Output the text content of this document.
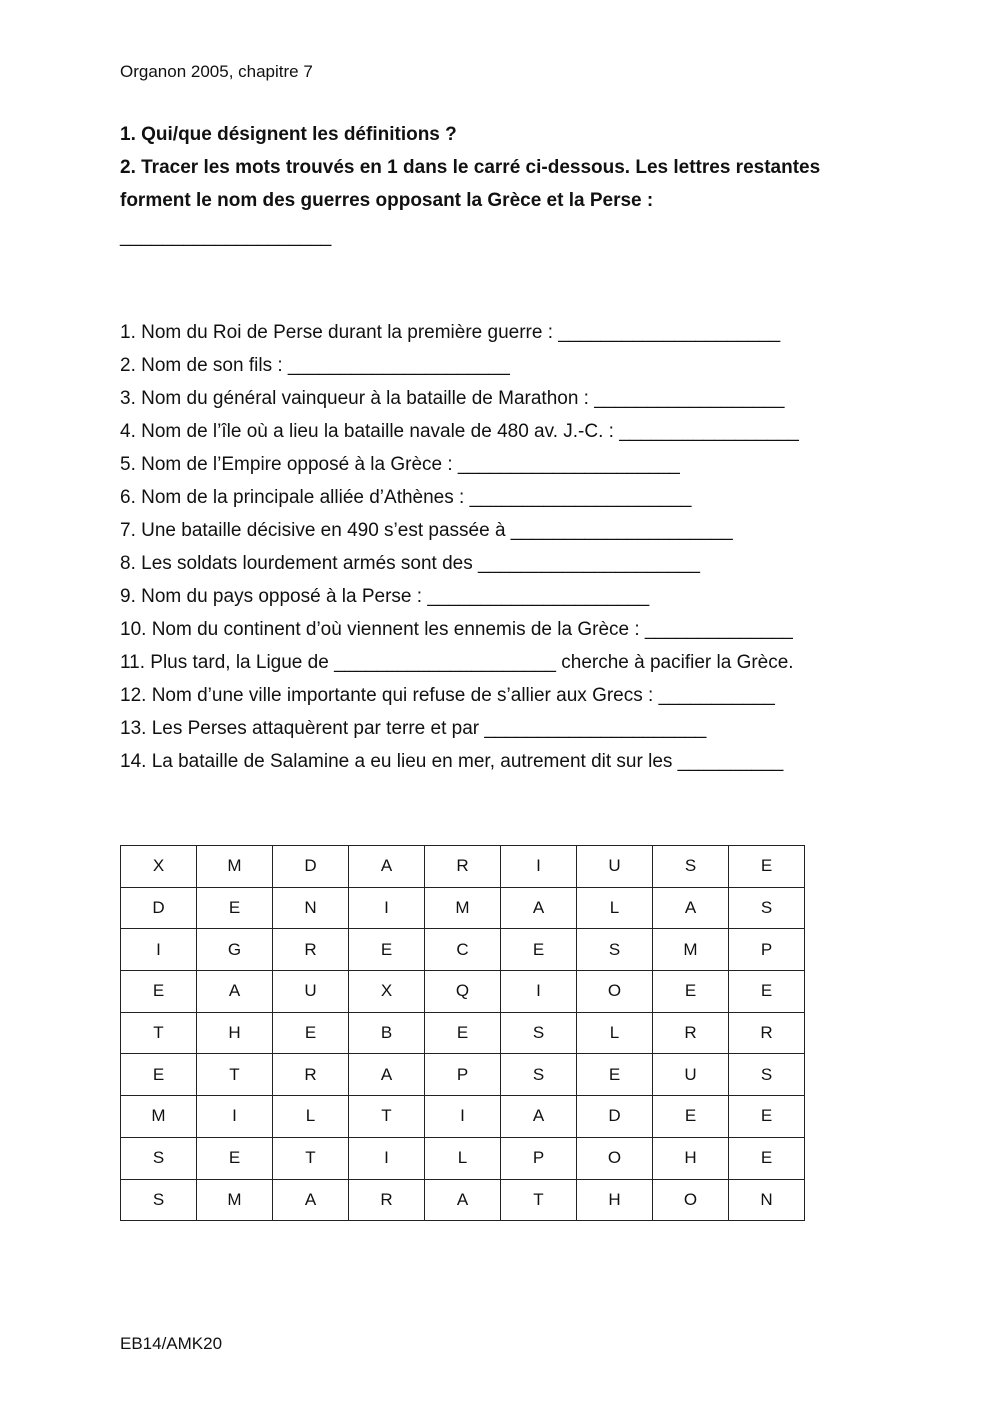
Organon 2005, chapitre 7

1. Qui/que désignent les définitions ?

2. Tracer les mots trouvés en 1 dans le carré ci-dessous. Les lettres restantes forment le nom des guerres opposant la Grèce et la Perse :

____________________
1. Nom du Roi de Perse durant la première guerre : _____________________
2. Nom de son fils : _____________________
3. Nom du général vainqueur à la bataille de Marathon : __________________
4. Nom de l’île où a lieu la bataille navale de 480 av. J.-C. : _________________
5. Nom de l’Empire opposé à la Grèce : _____________________
6. Nom de la principale alliée d’Athènes : _____________________
7. Une bataille décisive en 490 s’est passée à _____________________
8. Les soldats lourdement armés sont des _____________________
9. Nom du pays opposé à la Perse : _____________________
10. Nom du continent d’où viennent les ennemis de la Grèce : ______________
11. Plus tard, la Ligue de _____________________ cherche à pacifier la Grèce.
12. Nom d’une ville importante qui refuse de s’allier aux Grecs : ___________
13. Les Perses attaquèrent par terre et par _____________________
14. La bataille de Salamine a eu lieu en mer, autrement dit sur les __________
X	M	D	A	R	I	U	S	E
D	E	N	I	M	A	L	A	S
I	G	R	E	C	E	S	M	P
E	A	U	X	Q	I	O	E	E
T	H	E	B	E	S	L	R	R
E	T	R	A	P	S	E	U	S
M	I	L	T	I	A	D	E	E
S	E	T	I	L	P	O	H	E
S	M	A	R	A	T	H	O	N
EB14/AMK20
